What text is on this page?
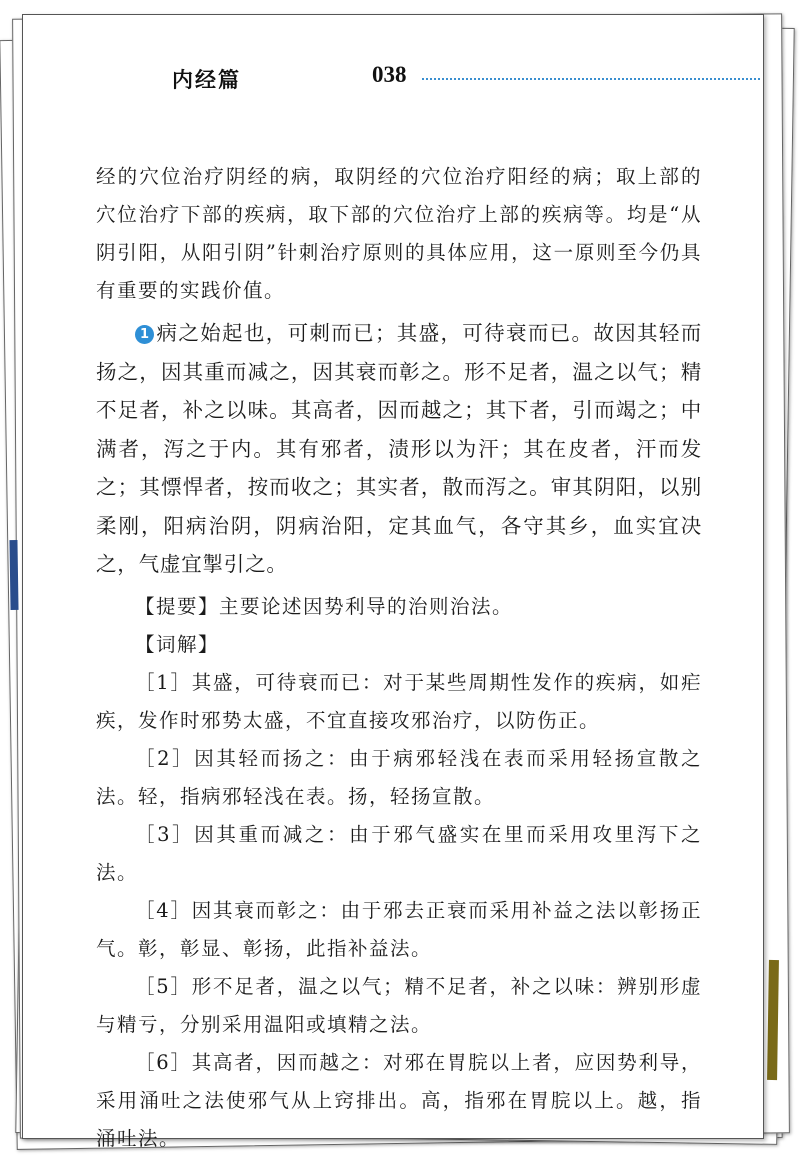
内经篇	038

经的穴位治疗阴经的病，取阴经的穴位治疗阳经的病；取上部的穴位治疗下部的疾病，取下部的穴位治疗上部的疾病等。均是“从阴引阳，从阳引阴”针刺治疗原则的具体应用，这一原则至今仍具有重要的实践价值。

1 病之始起也，可刺而已；其盛，可待衰而已。故因其轻而扬之，因其重而减之，因其衰而彰之。形不足者，温之以气；精不足者，补之以味。其高者，因而越之；其下者，引而竭之；中满者，泻之于内。其有邪者，渍形以为汗；其在皮者，汗而发之；其慓悍者，按而收之；其实者，散而泻之。审其阴阳，以别柔刚，阳病治阴，阴病治阳，定其血气，各守其乡，血实宜决之，气虚宜掣引之。

【提要】主要论述因势利导的治则治法。

【词解】

［1］其盛，可待衰而已：对于某些周期性发作的疾病，如疟疾，发作时邪势太盛，不宜直接攻邪治疗，以防伤正。

［2］因其轻而扬之：由于病邪轻浅在表而采用轻扬宣散之法。轻，指病邪轻浅在表。扬，轻扬宣散。

［3］因其重而减之：由于邪气盛实在里而采用攻里泻下之法。

［4］因其衰而彰之：由于邪去正衰而采用补益之法以彰扬正气。彰，彰显、彰扬，此指补益法。

［5］形不足者，温之以气；精不足者，补之以味：辨别形虚与精亏，分别采用温阳或填精之法。

［6］其高者，因而越之：对邪在胃脘以上者，应因势利导，采用涌吐之法使邪气从上窍排出。高，指邪在胃脘以上。越，指涌吐法。
